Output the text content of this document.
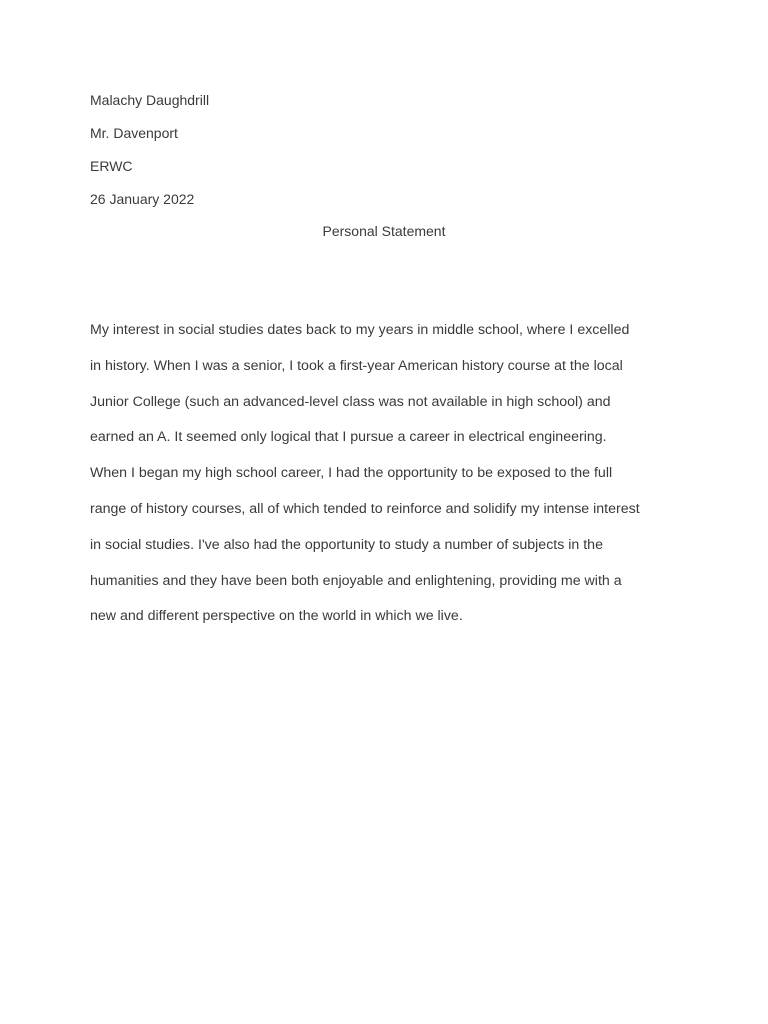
Malachy Daughdrill
Mr. Davenport
ERWC
26 January 2022
Personal Statement
My interest in social studies dates back to my years in middle school, where I excelled
in history. When I was a senior, I took a first-year American history course at the local
Junior College (such an advanced-level class was not available in high school) and
earned an A. It seemed only logical that I pursue a career in electrical engineering.
When I began my high school career, I had the opportunity to be exposed to the full
range of history courses, all of which tended to reinforce and solidify my intense interest
in social studies. I've also had the opportunity to study a number of subjects in the
humanities and they have been both enjoyable and enlightening, providing me with a
new and different perspective on the world in which we live.
